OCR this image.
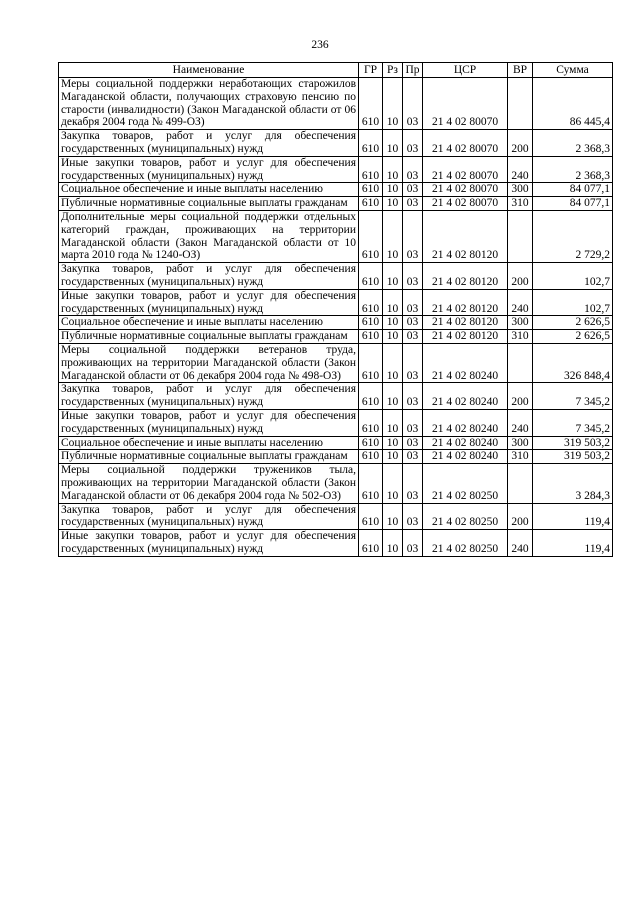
236
Наименование	ГР	Рз	Пр	ЦСР	ВР	Сумма
Меры социальной поддержки неработающих старожилов Магаданской области, получающих страховую пенсию по старости (инвалидности) (Закон Магаданской области от 06 декабря 2004 года № 499-ОЗ)	610	10	03	21 4 02 80070		86 445,4
Закупка товаров, работ и услуг для обеспечения государственных (муниципальных) нужд	610	10	03	21 4 02 80070	200	2 368,3
Иные закупки товаров, работ и услуг для обеспечения государственных (муниципальных) нужд	610	10	03	21 4 02 80070	240	2 368,3
Социальное обеспечение и иные выплаты населению	610	10	03	21 4 02 80070	300	84 077,1
Публичные нормативные социальные выплаты гражданам	610	10	03	21 4 02 80070	310	84 077,1
Дополнительные меры социальной поддержки отдельных категорий граждан, проживающих на территории Магаданской области (Закон Магаданской области от 10 марта 2010 года № 1240-ОЗ)	610	10	03	21 4 02 80120		2 729,2
Закупка товаров, работ и услуг для обеспечения государственных (муниципальных) нужд	610	10	03	21 4 02 80120	200	102,7
Иные закупки товаров, работ и услуг для обеспечения государственных (муниципальных) нужд	610	10	03	21 4 02 80120	240	102,7
Социальное обеспечение и иные выплаты населению	610	10	03	21 4 02 80120	300	2 626,5
Публичные нормативные социальные выплаты гражданам	610	10	03	21 4 02 80120	310	2 626,5
Меры социальной поддержки ветеранов труда, проживающих на территории Магаданской области (Закон Магаданской области от 06 декабря 2004 года № 498-ОЗ)	610	10	03	21 4 02 80240		326 848,4
Закупка товаров, работ и услуг для обеспечения государственных (муниципальных) нужд	610	10	03	21 4 02 80240	200	7 345,2
Иные закупки товаров, работ и услуг для обеспечения государственных (муниципальных) нужд	610	10	03	21 4 02 80240	240	7 345,2
Социальное обеспечение и иные выплаты населению	610	10	03	21 4 02 80240	300	319 503,2
Публичные нормативные социальные выплаты гражданам	610	10	03	21 4 02 80240	310	319 503,2
Меры социальной поддержки тружеников тыла, проживающих на территории Магаданской области (Закон Магаданской области от 06 декабря 2004 года № 502-ОЗ)	610	10	03	21 4 02 80250		3 284,3
Закупка товаров, работ и услуг для обеспечения государственных (муниципальных) нужд	610	10	03	21 4 02 80250	200	119,4
Иные закупки товаров, работ и услуг для обеспечения государственных (муниципальных) нужд	610	10	03	21 4 02 80250	240	119,4
